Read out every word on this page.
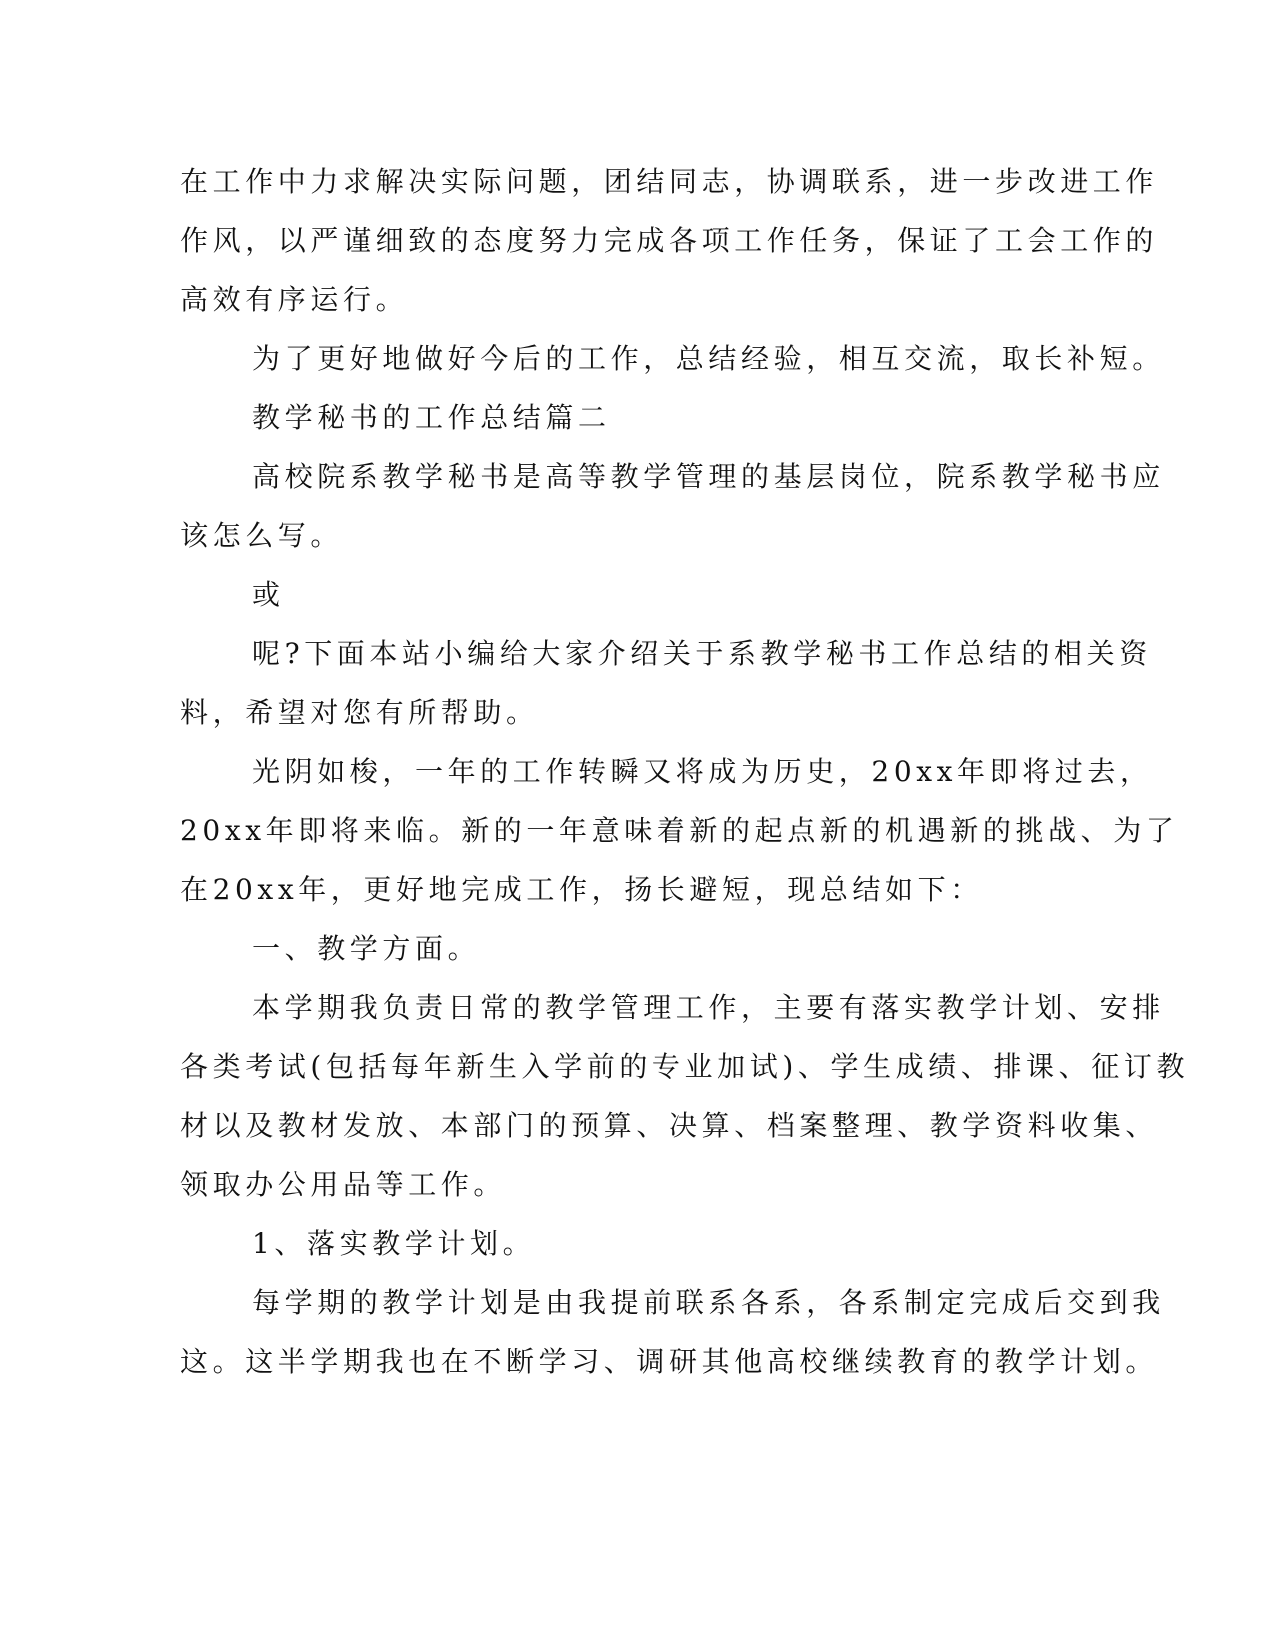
在工作中力求解决实际问题，团结同志，协调联系，进一步改进工作
作风，以严谨细致的态度努力完成各项工作任务，保证了工会工作的
高效有序运行。
为了更好地做好今后的工作，总结经验，相互交流，取长补短。
教学秘书的工作总结篇二
高校院系教学秘书是高等教学管理的基层岗位，院系教学秘书应
该怎么写。
或
呢?下面本站小编给大家介绍关于系教学秘书工作总结的相关资
料，希望对您有所帮助。
光阴如梭，一年的工作转瞬又将成为历史，20xx年即将过去，
20xx年即将来临。新的一年意味着新的起点新的机遇新的挑战、为了
在20xx年，更好地完成工作，扬长避短，现总结如下：
一、教学方面。
本学期我负责日常的教学管理工作，主要有落实教学计划、安排
各类考试(包括每年新生入学前的专业加试)、学生成绩、排课、征订教
材以及教材发放、本部门的预算、决算、档案整理、教学资料收集、
领取办公用品等工作。
1、落实教学计划。
每学期的教学计划是由我提前联系各系，各系制定完成后交到我
这。这半学期我也在不断学习、调研其他高校继续教育的教学计划。
